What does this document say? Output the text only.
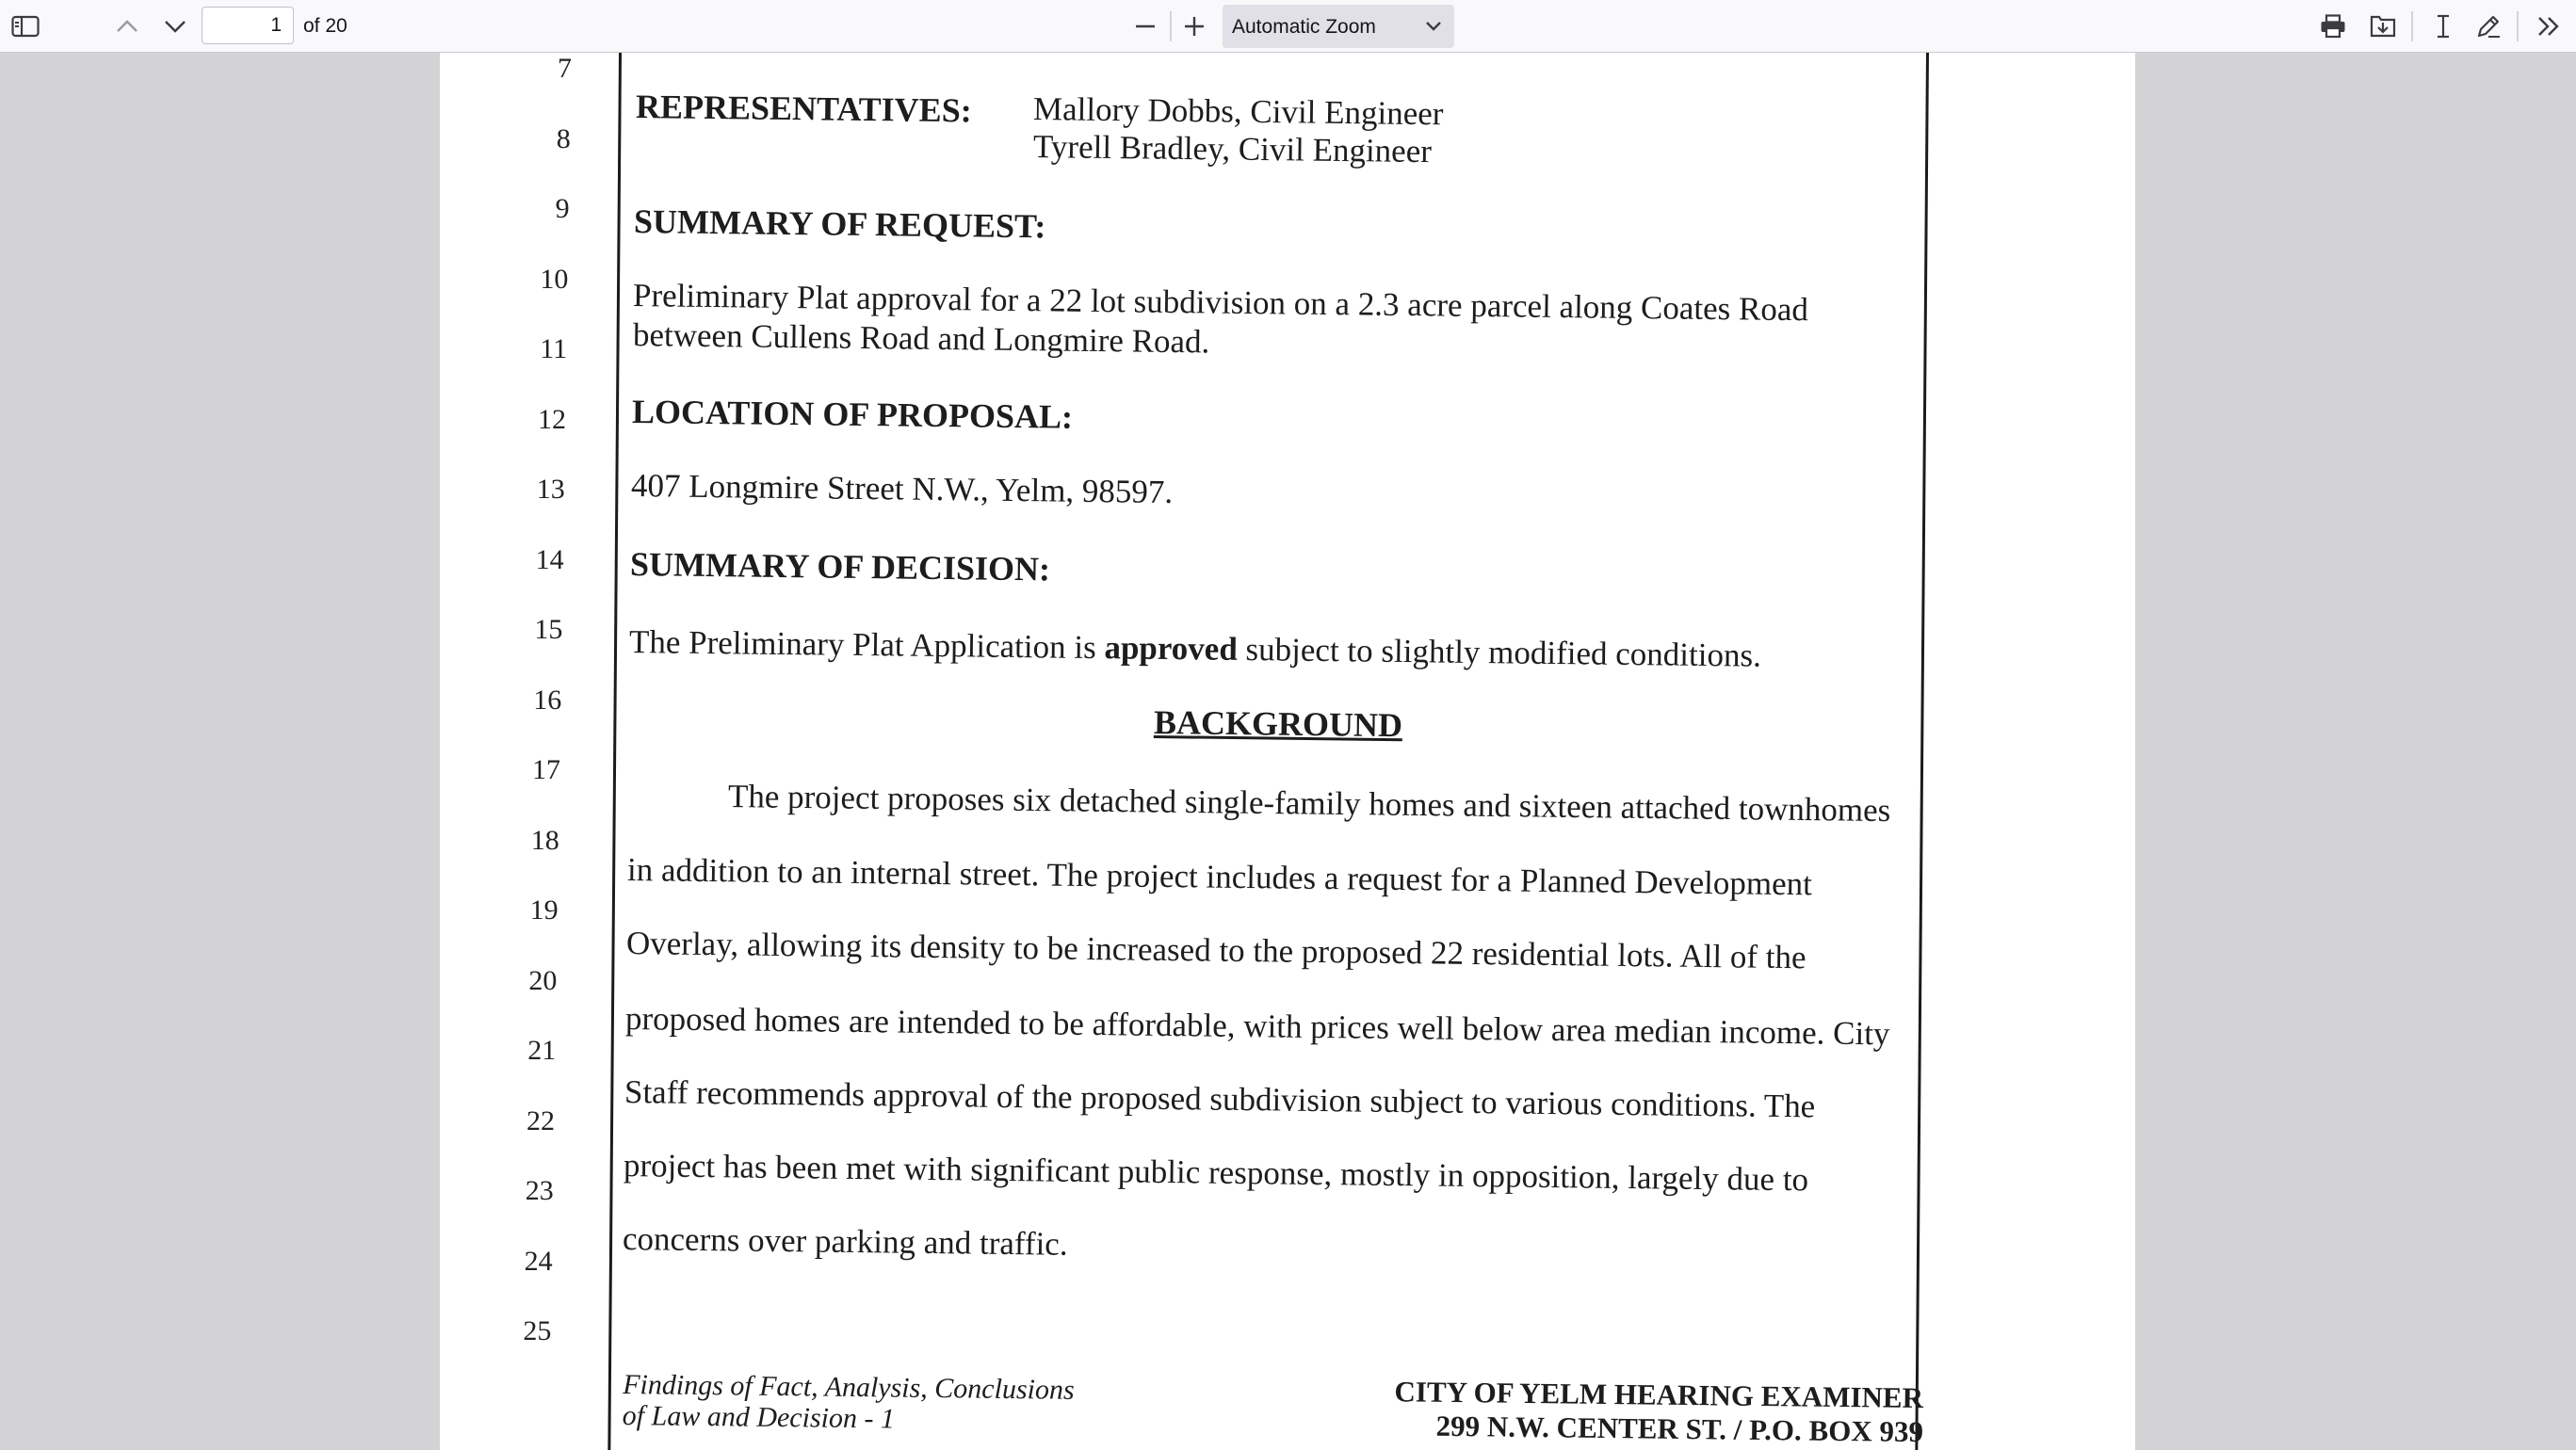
1
of 20	Automatic Zoom
7
8
9
10
11
12
13
14
15
16
17
18
19
20
21
22
23
24
25
REPRESENTATIVES: Mallory Dobbs, Civil Engineer
Tyrell Bradley, Civil Engineer
SUMMARY OF REQUEST:
Preliminary Plat approval for a 22 lot subdivision on a 2.3 acre parcel along Coates Road
between Cullens Road and Longmire Road.
LOCATION OF PROPOSAL:
407 Longmire Street N.W., Yelm, 98597.
SUMMARY OF DECISION:
The Preliminary Plat Application is approved subject to slightly modified conditions.
BACKGROUND
The project proposes six detached single-family homes and sixteen attached townhomes
in addition to an internal street. The project includes a request for a Planned Development
Overlay, allowing its density to be increased to the proposed 22 residential lots. All of the
proposed homes are intended to be affordable, with prices well below area median income. City
Staff recommends approval of the proposed subdivision subject to various conditions. The
project has been met with significant public response, mostly in opposition, largely due to
concerns over parking and traffic.
Findings of Fact, Analysis, Conclusions
of Law and Decision - 1
CITY OF YELM HEARING EXAMINER
299 N.W. CENTER ST. / P.O. BOX 939
